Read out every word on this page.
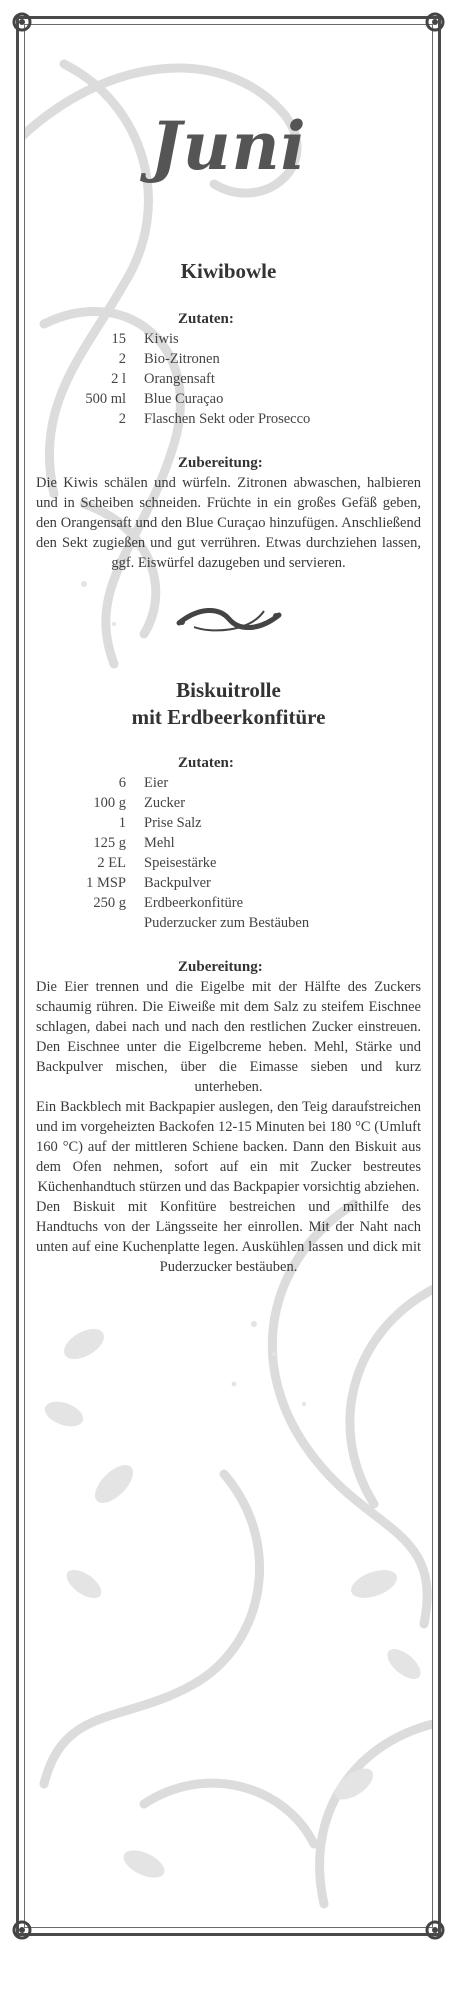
Juni
Kiwibowle
Zutaten:
15	Kiwis
2	Bio-Zitronen
2 l	Orangensaft
500 ml	Blue Curaçao
2	Flaschen Sekt oder Prosecco
Zubereitung:

Die Kiwis schälen und würfeln. Zitronen abwaschen, halbieren und in Scheiben schneiden. Früchte in ein großes Gefäß geben, den Orangensaft und den Blue Curaçao hinzufügen. Anschließend den Sekt zugießen und gut verrühren. Etwas durchziehen lassen, ggf. Eiswürfel dazugeben und servieren.

Biskuitrolle
mit Erdbeerkonfitüre
Zutaten:
6	Eier
100 g	Zucker
1	Prise Salz
125 g	Mehl
2 EL	Speisestärke
1 MSP	Backpulver
250 g	Erdbeerkonfitüre
Puderzucker zum Bestäuben
Zubereitung:

Die Eier trennen und die Eigelbe mit der Hälfte des Zuckers schaumig rühren. Die Eiweiße mit dem Salz zu steifem Eischnee schlagen, dabei nach und nach den restlichen Zucker einstreuen. Den Eischnee unter die Eigelbcreme heben. Mehl, Stärke und Backpulver mischen, über die Eimasse sieben und kurz unterheben.

Ein Backblech mit Backpapier auslegen, den Teig daraufstreichen und im vorgeheizten Backofen 12-15 Minuten bei 180 °C (Umluft 160 °C) auf der mittleren Schiene backen. Dann den Biskuit aus dem Ofen nehmen, sofort auf ein mit Zucker bestreutes Küchenhandtuch stürzen und das Backpapier vorsichtig abziehen.

Den Biskuit mit Konfitüre bestreichen und mithilfe des Handtuchs von der Längsseite her einrollen. Mit der Naht nach unten auf eine Kuchenplatte legen. Auskühlen lassen und dick mit Puderzucker bestäuben.
